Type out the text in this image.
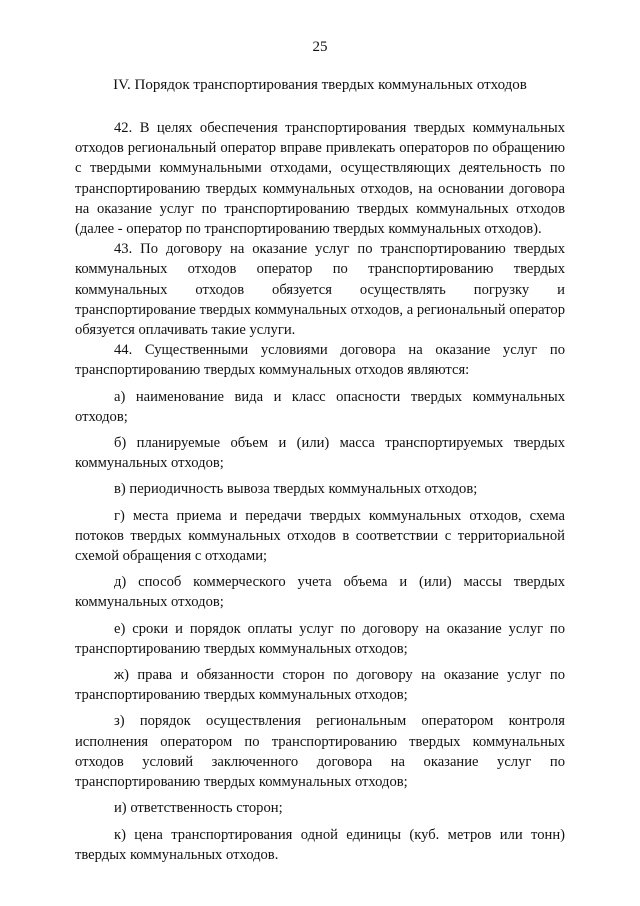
25
IV. Порядок транспортирования твердых коммунальных отходов

42. В целях обеспечения транспортирования твердых коммунальных отходов региональный оператор вправе привлекать операторов по обращению с твердыми коммунальными отходами, осуществляющих деятельность по транспортированию твердых коммунальных отходов, на основании договора на оказание услуг по транспортированию твердых коммунальных отходов (далее - оператор по транспортированию твердых коммунальных отходов).

43. По договору на оказание услуг по транспортированию твердых коммунальных отходов оператор по транспортированию твердых коммунальных отходов обязуется осуществлять погрузку и транспортирование твердых коммунальных отходов, а региональный оператор обязуется оплачивать такие услуги.

44. Существенными условиями договора на оказание услуг по транспортированию твердых коммунальных отходов являются:

а) наименование вида и класс опасности твердых коммунальных отходов;

б) планируемые объем и (или) масса транспортируемых твердых коммунальных отходов;

в) периодичность вывоза твердых коммунальных отходов;

г) места приема и передачи твердых коммунальных отходов, схема потоков твердых коммунальных отходов в соответствии с территориальной схемой обращения с отходами;

д) способ коммерческого учета объема и (или) массы твердых коммунальных отходов;

е) сроки и порядок оплаты услуг по договору на оказание услуг по транспортированию твердых коммунальных отходов;

ж) права и обязанности сторон по договору на оказание услуг по транспортированию твердых коммунальных отходов;

з) порядок осуществления региональным оператором контроля исполнения оператором по транспортированию твердых коммунальных отходов условий заключенного договора на оказание услуг по транспортированию твердых коммунальных отходов;

и) ответственность сторон;

к) цена транспортирования одной единицы (куб. метров или тонн) твердых коммунальных отходов.
